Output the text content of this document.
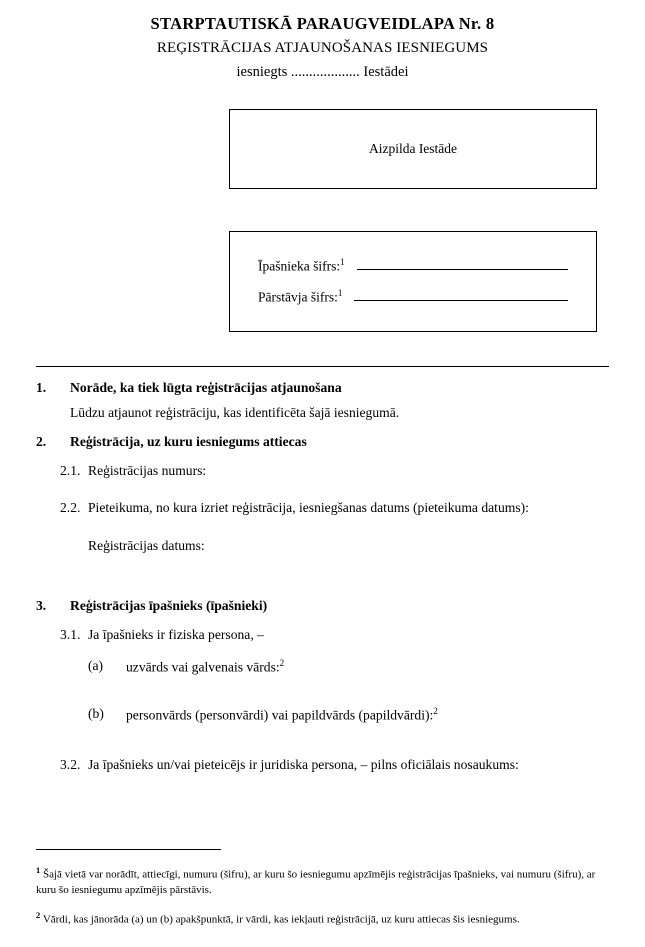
STARPTAUTISKĀ PARAUGVEIDLAPA Nr. 8
REĢISTRĀCIJAS ATJAUNOŠANAS IESNIEGUMS
iesniegts ................... Iestādei
Aizpilda Iestāde
Īpašnieka šifrs:$^1$
Pārstāvja šifrs:$^1$
1.	Norāde, ka tiek lūgta reģistrācijas atjaunošana
Lūdzu atjaunot reģistrāciju, kas identificēta šajā iesniegumā.
2.	Reģistrācija, uz kuru iesniegums attiecas
2.1. Reģistrācijas numurs:
2.2. Pieteikuma, no kura izriet reģistrācija, iesniegšanas datums (pieteikuma datums):
Reģistrācijas datums:
3.	Reģistrācijas īpašnieks (īpašnieki)
3.1. Ja īpašnieks ir fiziska persona, –
(a)	uzvārds vai galvenais vārds:$^2$
(b)	personvārds (personvārdi) vai papildvārds (papildvārdi):$^2$
3.2. Ja īpašnieks un/vai pieteicējs ir juridiska persona, – pilns oficiālais nosaukums:
$^1$ Šajā vietā var norādīt, attiecīgi, numuru (šifru), ar kuru šo iesniegumu apzīmējis reģistrācijas īpašnieks, vai numuru (šifru), ar kuru šo iesniegumu apzīmējis pārstāvis.
$^2$ Vārdi, kas jānorāda (a) un (b) apakšpunktā, ir vārdi, kas iekļauti reģistrācijā, uz kuru attiecas šis iesniegums.
